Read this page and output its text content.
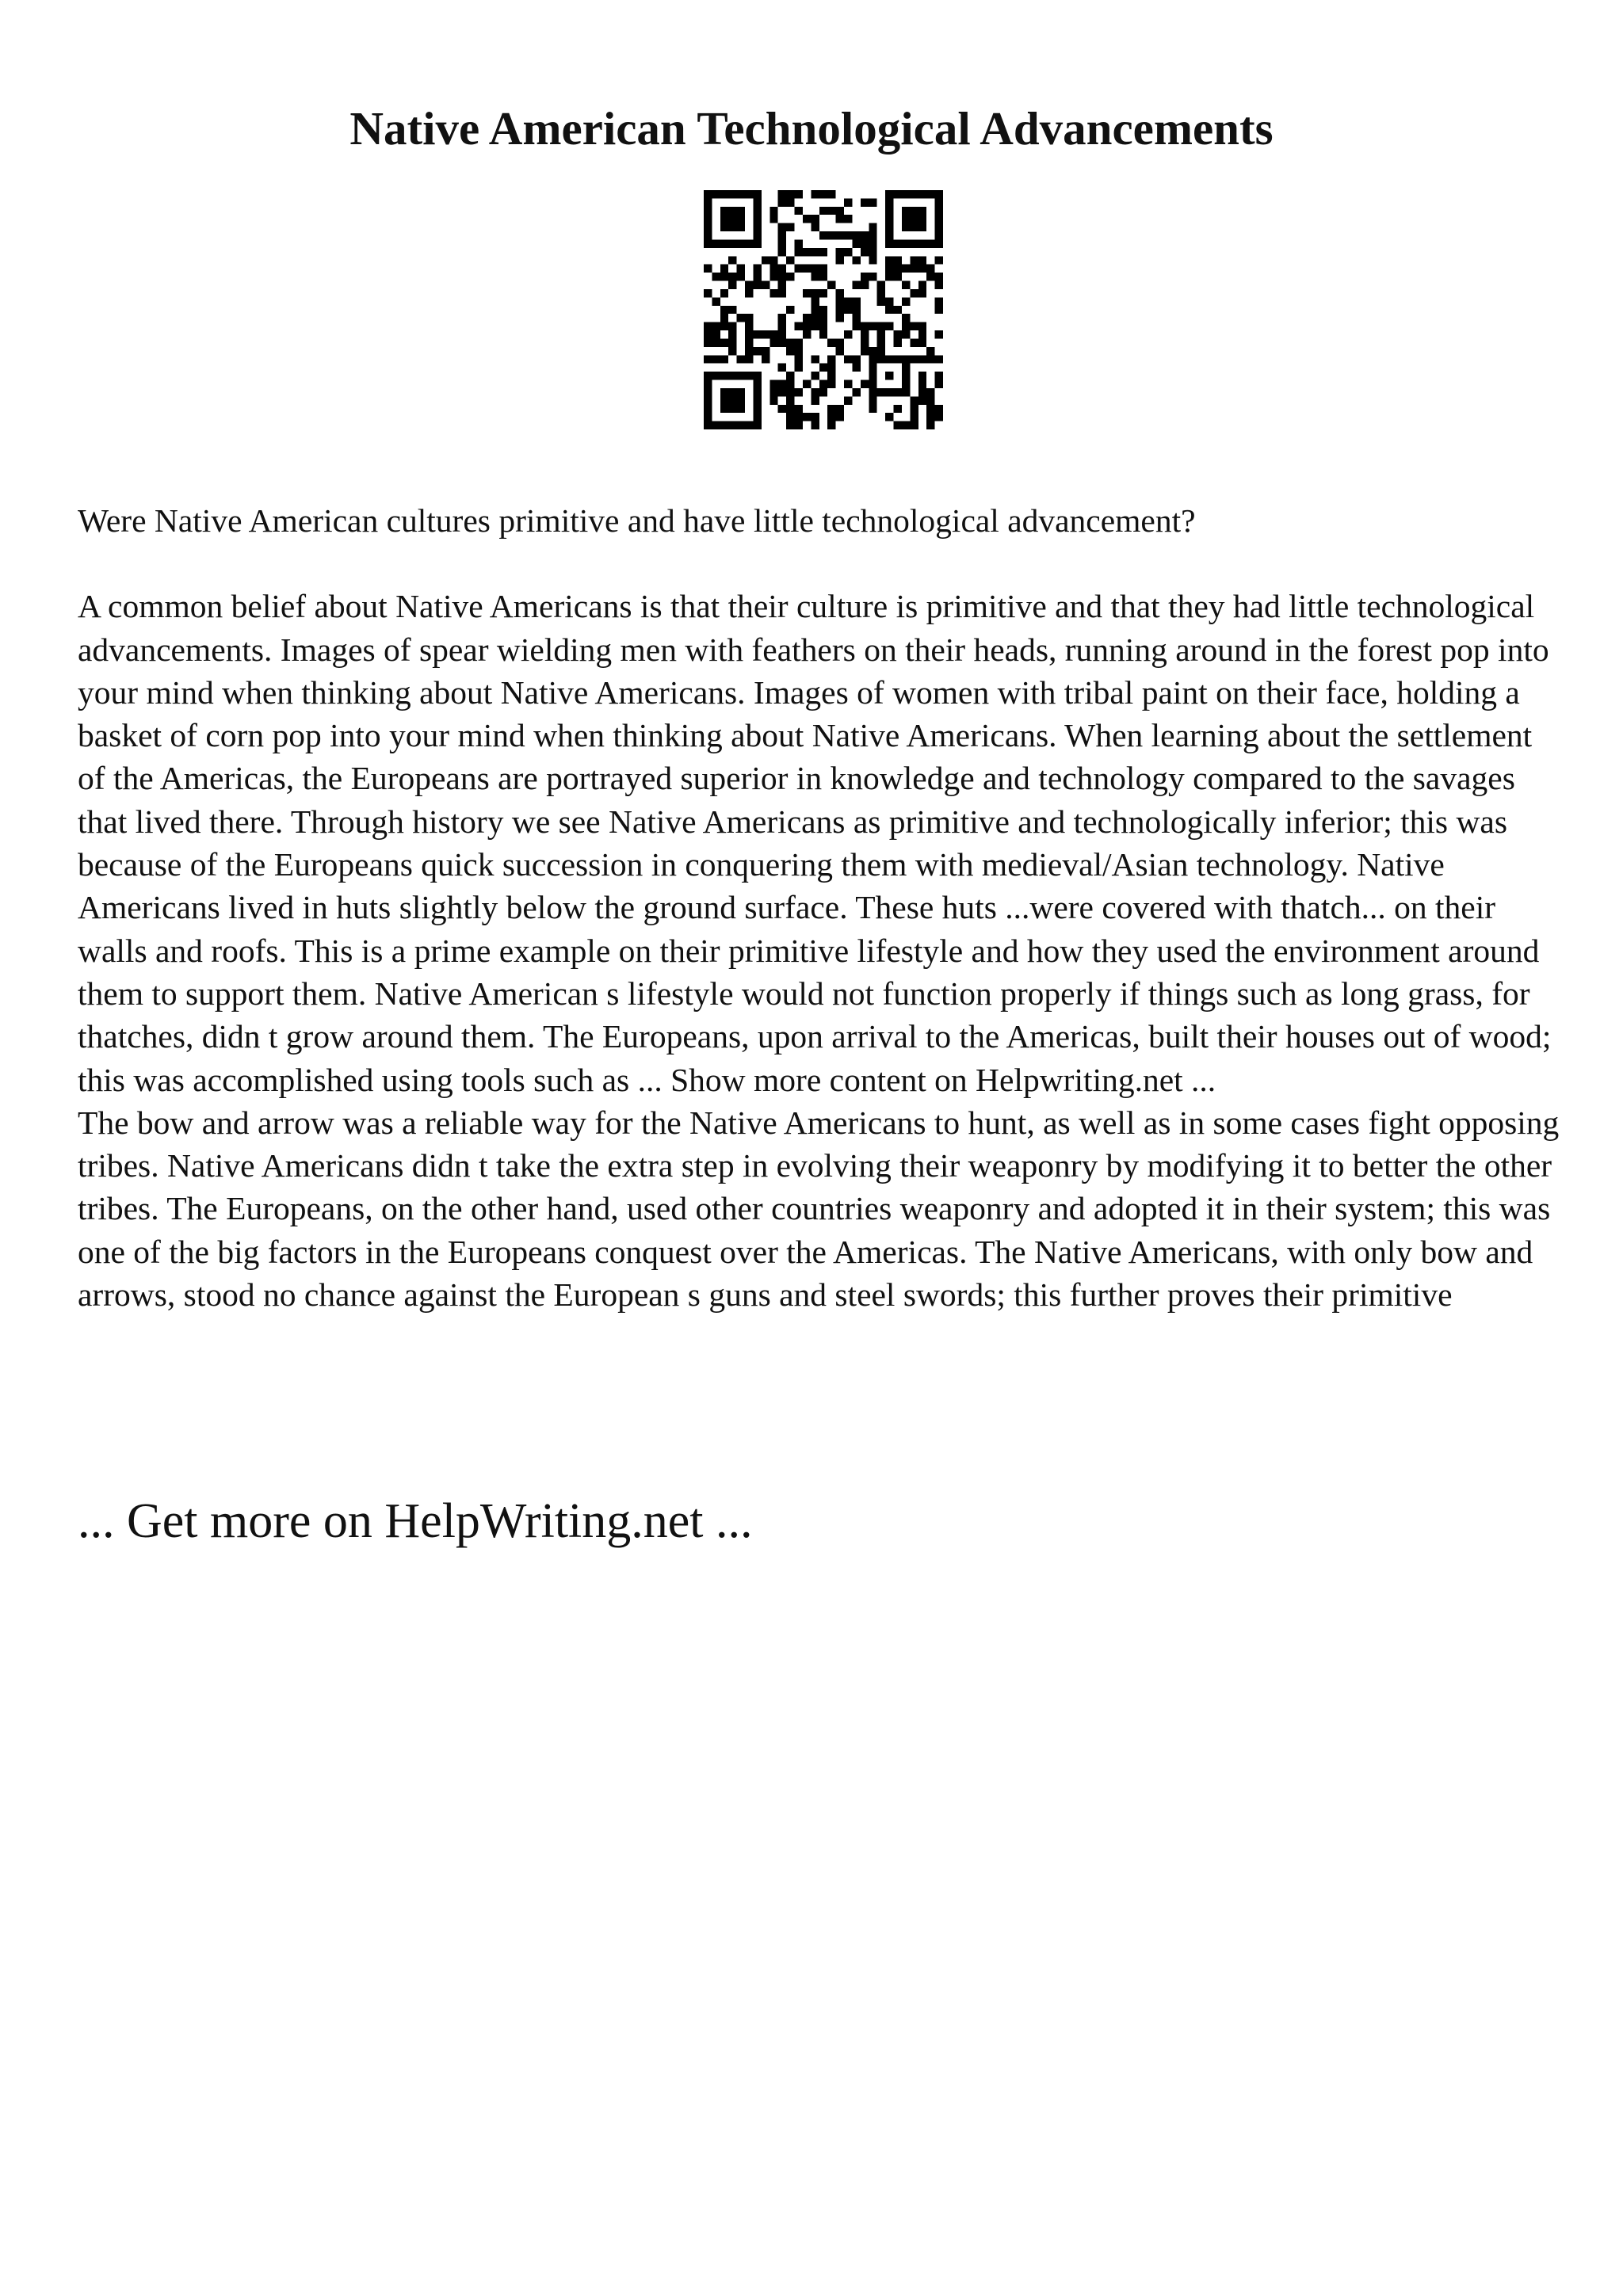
Native American Technological Advancements

Were Native American cultures primitive and have little technological advancement?

A common belief about Native Americans is that their culture is primitive and that they had little technological advancements. Images of spear wielding men with feathers on their heads, running around in the forest pop into your mind when thinking about Native Americans. Images of women with tribal paint on their face, holding a basket of corn pop into your mind when thinking about Native Americans. When learning about the settlement of the Americas, the Europeans are portrayed superior in knowledge and technology compared to the savages that lived there. Through history we see Native Americans as primitive and technologically inferior; this was because of the Europeans quick succession in conquering them with medieval/Asian technology. Native Americans lived in huts slightly below the ground surface. These huts ...were covered with thatch... on their walls and roofs. This is a prime example on their primitive lifestyle and how they used the environment around them to support them. Native American s lifestyle would not function properly if things such as long grass, for thatches, didn t grow around them. The Europeans, upon arrival to the Americas, built their houses out of wood; this was accomplished using tools such as ... Show more content on Helpwriting.net ...

The bow and arrow was a reliable way for the Native Americans to hunt, as well as in some cases fight opposing tribes. Native Americans didn t take the extra step in evolving their weaponry by modifying it to better the other tribes. The Europeans, on the other hand, used other countries weaponry and adopted it in their system; this was one of the big factors in the Europeans conquest over the Americas. The Native Americans, with only bow and arrows, stood no chance against the European s guns and steel swords; this further proves their primitive

... Get more on HelpWriting.net ...
